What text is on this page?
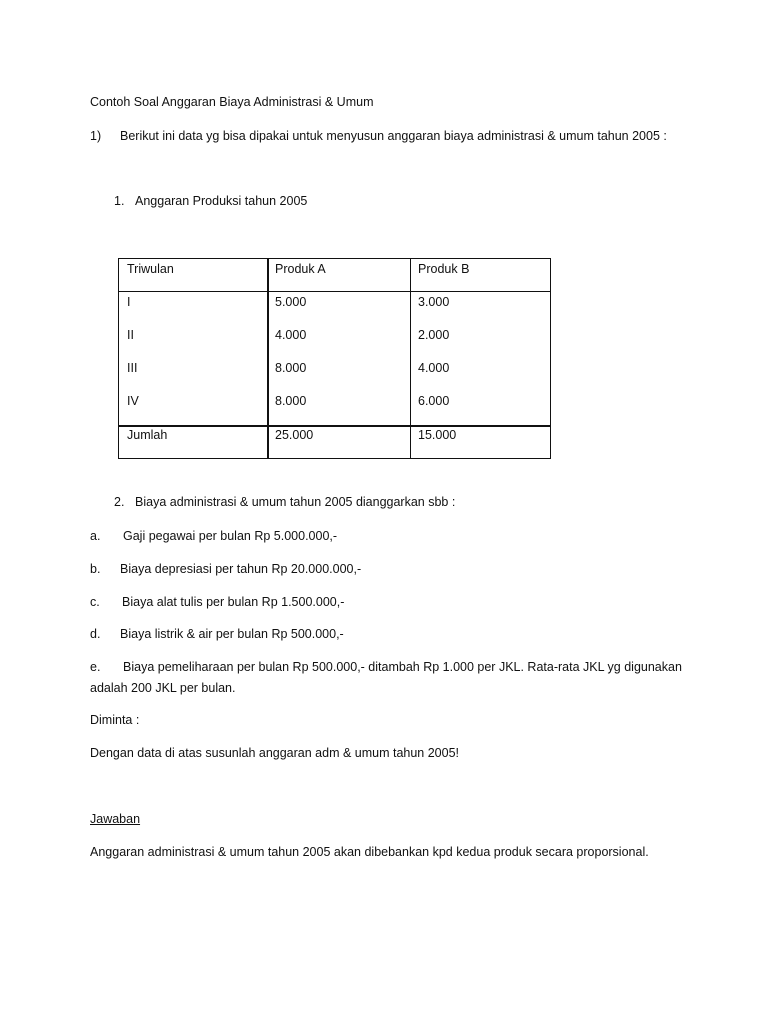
Contoh Soal Anggaran Biaya Administrasi & Umum
1) Berikut ini data yg bisa dipakai untuk menyusun anggaran biaya administrasi & umum tahun 2005 :
1. Anggaran Produksi tahun 2005
Triwulan	Produk A	Produk B
I	5.000	3.000
II	4.000	2.000
III	8.000	4.000
IV	8.000	6.000
Jumlah	25.000	15.000
2. Biaya administrasi & umum tahun 2005 dianggarkan sbb :
a. Gaji pegawai per bulan Rp 5.000.000,-
b. Biaya depresiasi per tahun Rp 20.000.000,-
c. Biaya alat tulis per bulan Rp 1.500.000,-
d. Biaya listrik & air per bulan Rp 500.000,-
e. Biaya pemeliharaan per bulan Rp 500.000,- ditambah Rp 1.000 per JKL. Rata-rata JKL yg digunakan
adalah 200 JKL per bulan.
Diminta :
Dengan data di atas susunlah anggaran adm & umum tahun 2005!
Jawaban
Anggaran administrasi & umum tahun 2005 akan dibebankan kpd kedua produk secara proporsional.
